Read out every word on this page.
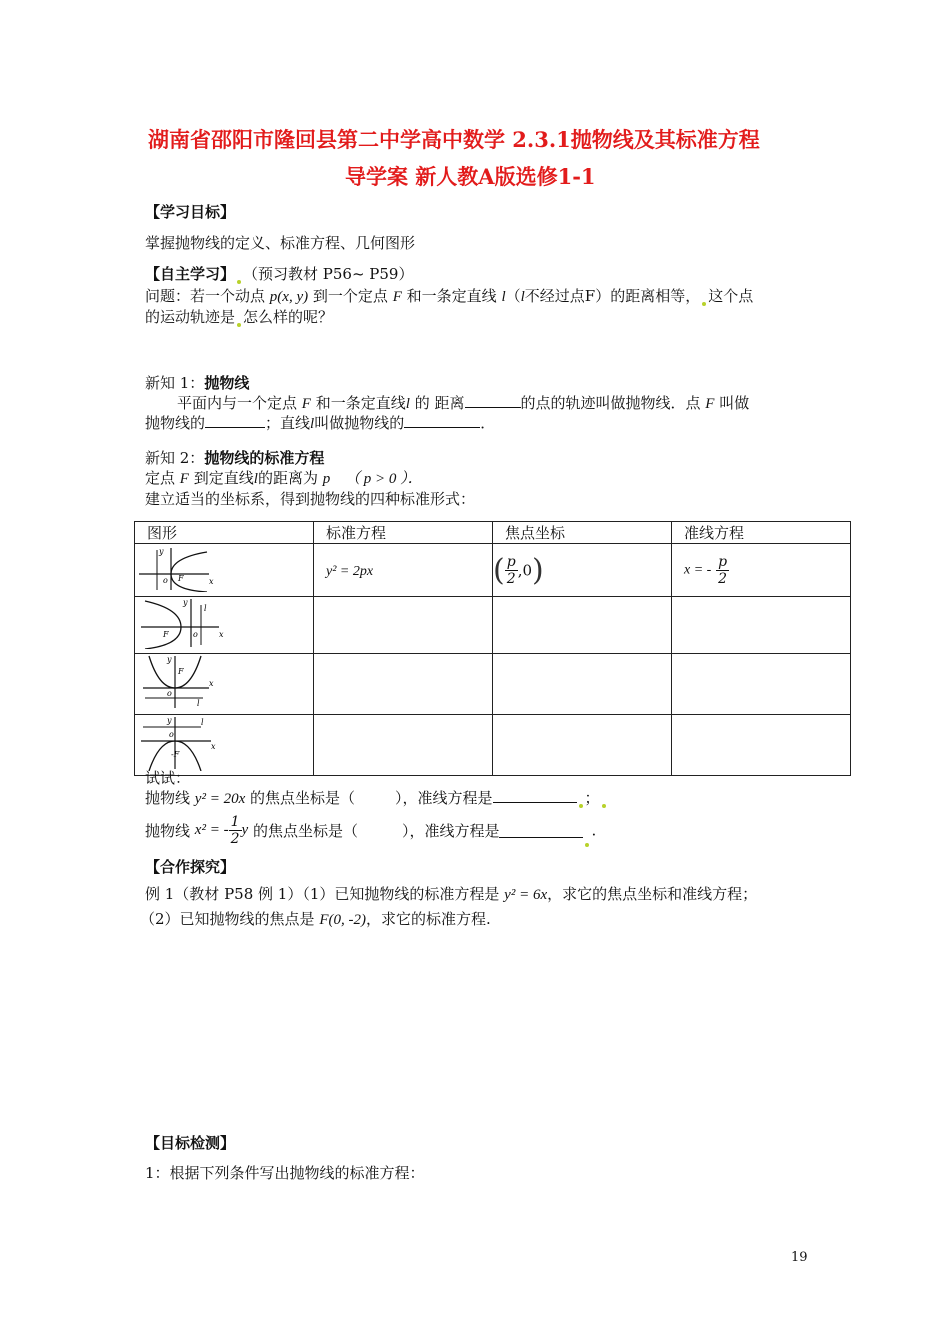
湖南省邵阳市隆回县第二中学高中数学 2.3.1抛物线及其标准方程
导学案 新人教A版选修1-1
【学习目标】
掌握抛物线的定义、标准方程、几何图形
【自主学习】 （预习教材 P56~ P59）
问题：若一个动点 p(x, y) 到一个定点 F 和一条定直线 l（l不经过点F）的距离相等， 这个点
的运动轨迹是 怎么样的呢？
新知 1：抛物线
平面内与一个定点 F 和一条定直线l 的 距离	的点的轨迹叫做抛物线．点 F 叫做
抛物线的	；直线l叫做抛物线的	．
新知 2：抛物线的标准方程
定点 F 到定直线l的距离为 p （ p > 0 ）．
建立适当的坐标系，得到抛物线的四种标准形式：
图形	标准方程	焦点坐标	准线方程

y
x
o F	y² = 2px	( $\frac{p}{2} ,0$)	x = - $\frac{p}{2}$

y
l
x
o
F			

y
F
x
o
l			

y l
o
x
-F			

试试：
抛物线 y² = 20x 的焦点坐标是（	），准线方程是	；
抛物线 x² = - $\frac{1}{2}$ y 的焦点坐标是（	），准线方程是	.
【合作探究】
例 1（教材 P58 例 1）（1）已知抛物线的标准方程是 y² = 6x，求它的焦点坐标和准线方程；
（2）已知抛物线的焦点是 F(0, -2)，求它的标准方程.
【目标检测】
1：根据下列条件写出抛物线的标准方程：
19
